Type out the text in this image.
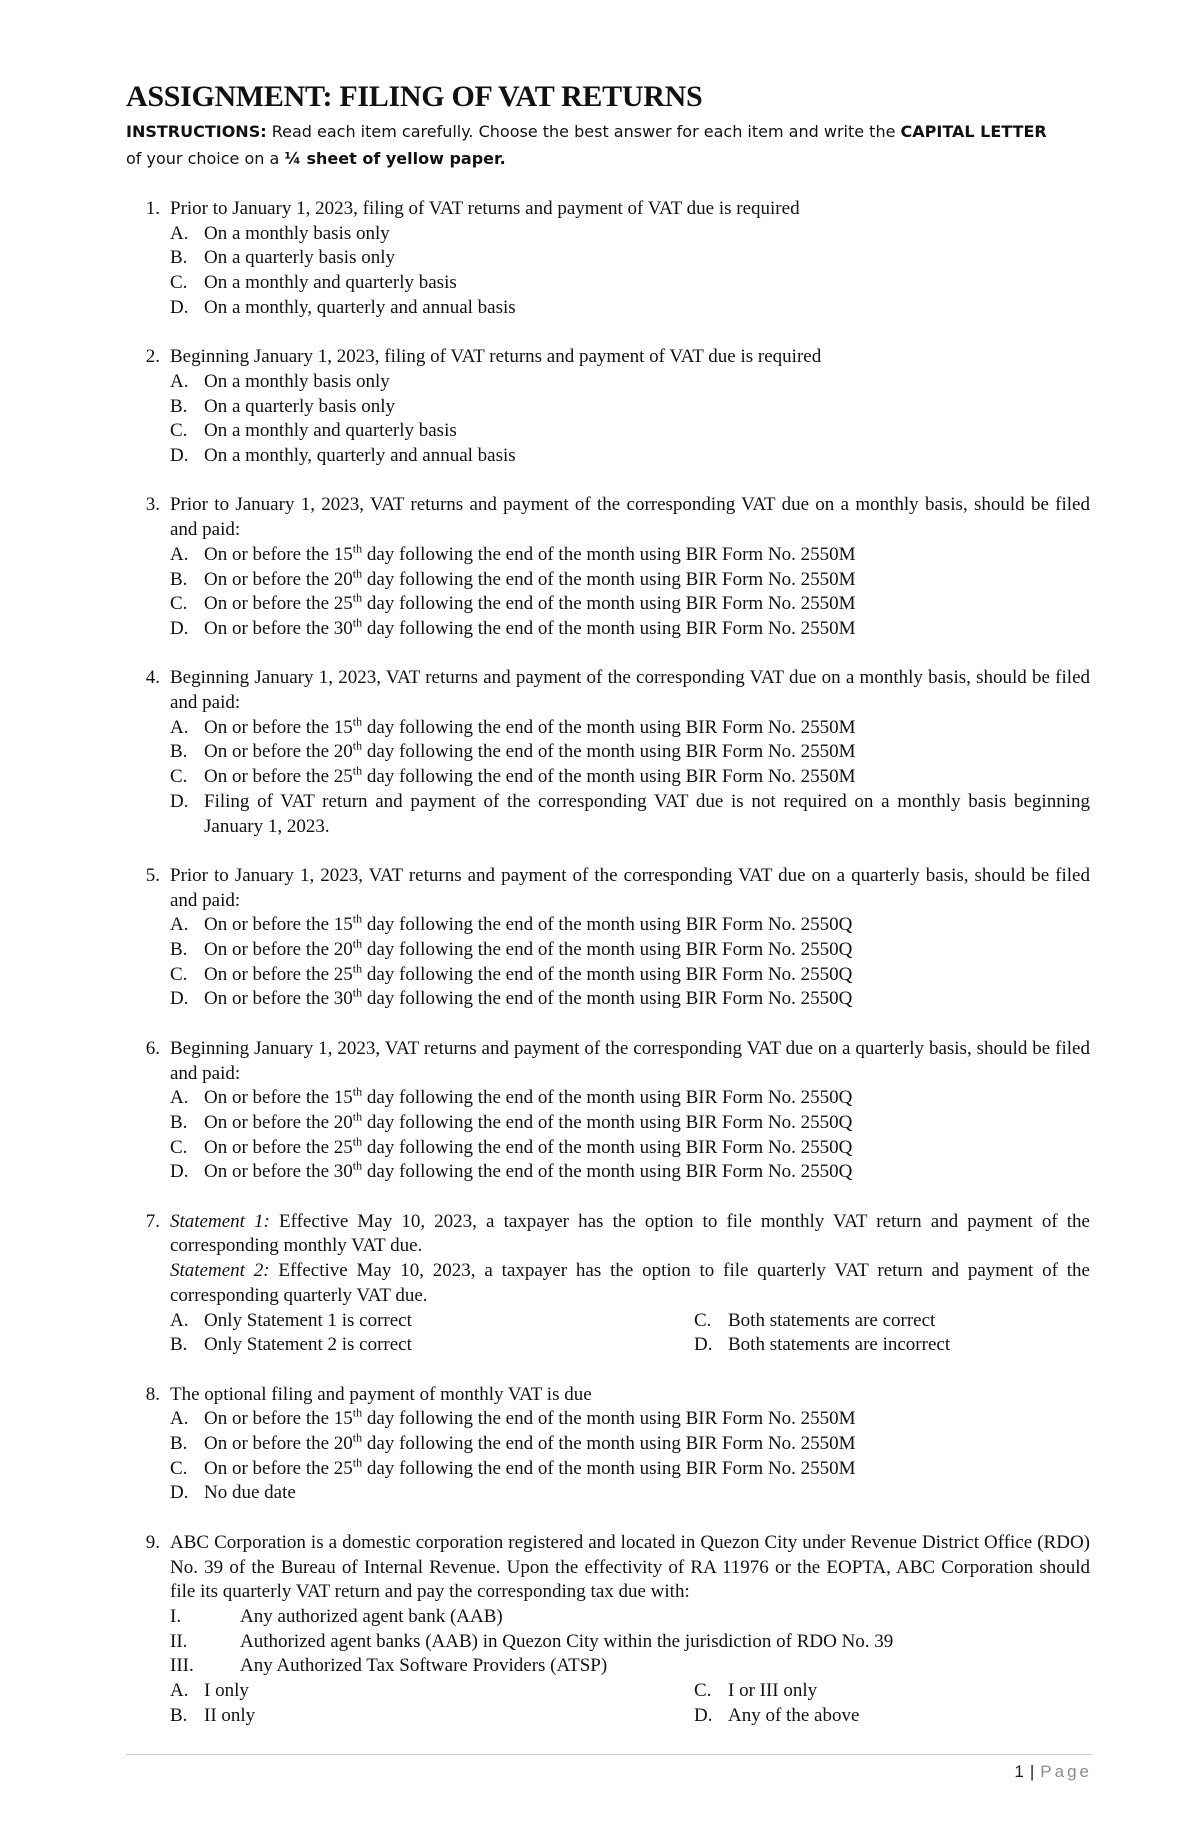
ASSIGNMENT: FILING OF VAT RETURNS
INSTRUCTIONS: Read each item carefully. Choose the best answer for each item and write the CAPITAL LETTER
of your choice on a ¼ sheet of yellow paper.
1. Prior to January 1, 2023, filing of VAT returns and payment of VAT due is required
A. On a monthly basis only
B. On a quarterly basis only
C. On a monthly and quarterly basis
D. On a monthly, quarterly and annual basis
2. Beginning January 1, 2023, filing of VAT returns and payment of VAT due is required
A. On a monthly basis only
B. On a quarterly basis only
C. On a monthly and quarterly basis
D. On a monthly, quarterly and annual basis
3. Prior to January 1, 2023, VAT returns and payment of the corresponding VAT due on a monthly basis, should be filed and paid:
A. On or before the 15th day following the end of the month using BIR Form No. 2550M
B. On or before the 20th day following the end of the month using BIR Form No. 2550M
C. On or before the 25th day following the end of the month using BIR Form No. 2550M
D. On or before the 30th day following the end of the month using BIR Form No. 2550M
4. Beginning January 1, 2023, VAT returns and payment of the corresponding VAT due on a monthly basis, should be filed and paid:
A. On or before the 15th day following the end of the month using BIR Form No. 2550M
B. On or before the 20th day following the end of the month using BIR Form No. 2550M
C. On or before the 25th day following the end of the month using BIR Form No. 2550M
D. Filing of VAT return and payment of the corresponding VAT due is not required on a monthly basis beginning January 1, 2023.
5. Prior to January 1, 2023, VAT returns and payment of the corresponding VAT due on a quarterly basis, should be filed and paid:
A. On or before the 15th day following the end of the month using BIR Form No. 2550Q
B. On or before the 20th day following the end of the month using BIR Form No. 2550Q
C. On or before the 25th day following the end of the month using BIR Form No. 2550Q
D. On or before the 30th day following the end of the month using BIR Form No. 2550Q
6. Beginning January 1, 2023, VAT returns and payment of the corresponding VAT due on a quarterly basis, should be filed and paid:
A. On or before the 15th day following the end of the month using BIR Form No. 2550Q
B. On or before the 20th day following the end of the month using BIR Form No. 2550Q
C. On or before the 25th day following the end of the month using BIR Form No. 2550Q
D. On or before the 30th day following the end of the month using BIR Form No. 2550Q
7. Statement 1: Effective May 10, 2023, a taxpayer has the option to file monthly VAT return and payment of the corresponding monthly VAT due.
Statement 2: Effective May 10, 2023, a taxpayer has the option to file quarterly VAT return and payment of the corresponding quarterly VAT due.
A. Only Statement 1 is correct	C. Both statements are correct
B. Only Statement 2 is correct	D. Both statements are incorrect
8. The optional filing and payment of monthly VAT is due
A. On or before the 15th day following the end of the month using BIR Form No. 2550M
B. On or before the 20th day following the end of the month using BIR Form No. 2550M
C. On or before the 25th day following the end of the month using BIR Form No. 2550M
D. No due date
9. ABC Corporation is a domestic corporation registered and located in Quezon City under Revenue District Office (RDO) No. 39 of the Bureau of Internal Revenue. Upon the effectivity of RA 11976 or the EOPTA, ABC Corporation should file its quarterly VAT return and pay the corresponding tax due with:
I.	Any authorized agent bank (AAB)
II.	Authorized agent banks (AAB) in Quezon City within the jurisdiction of RDO No. 39
III.	Any Authorized Tax Software Providers (ATSP)
A. I only	C. I or III only
B. II only	D. Any of the above
1 | Page
